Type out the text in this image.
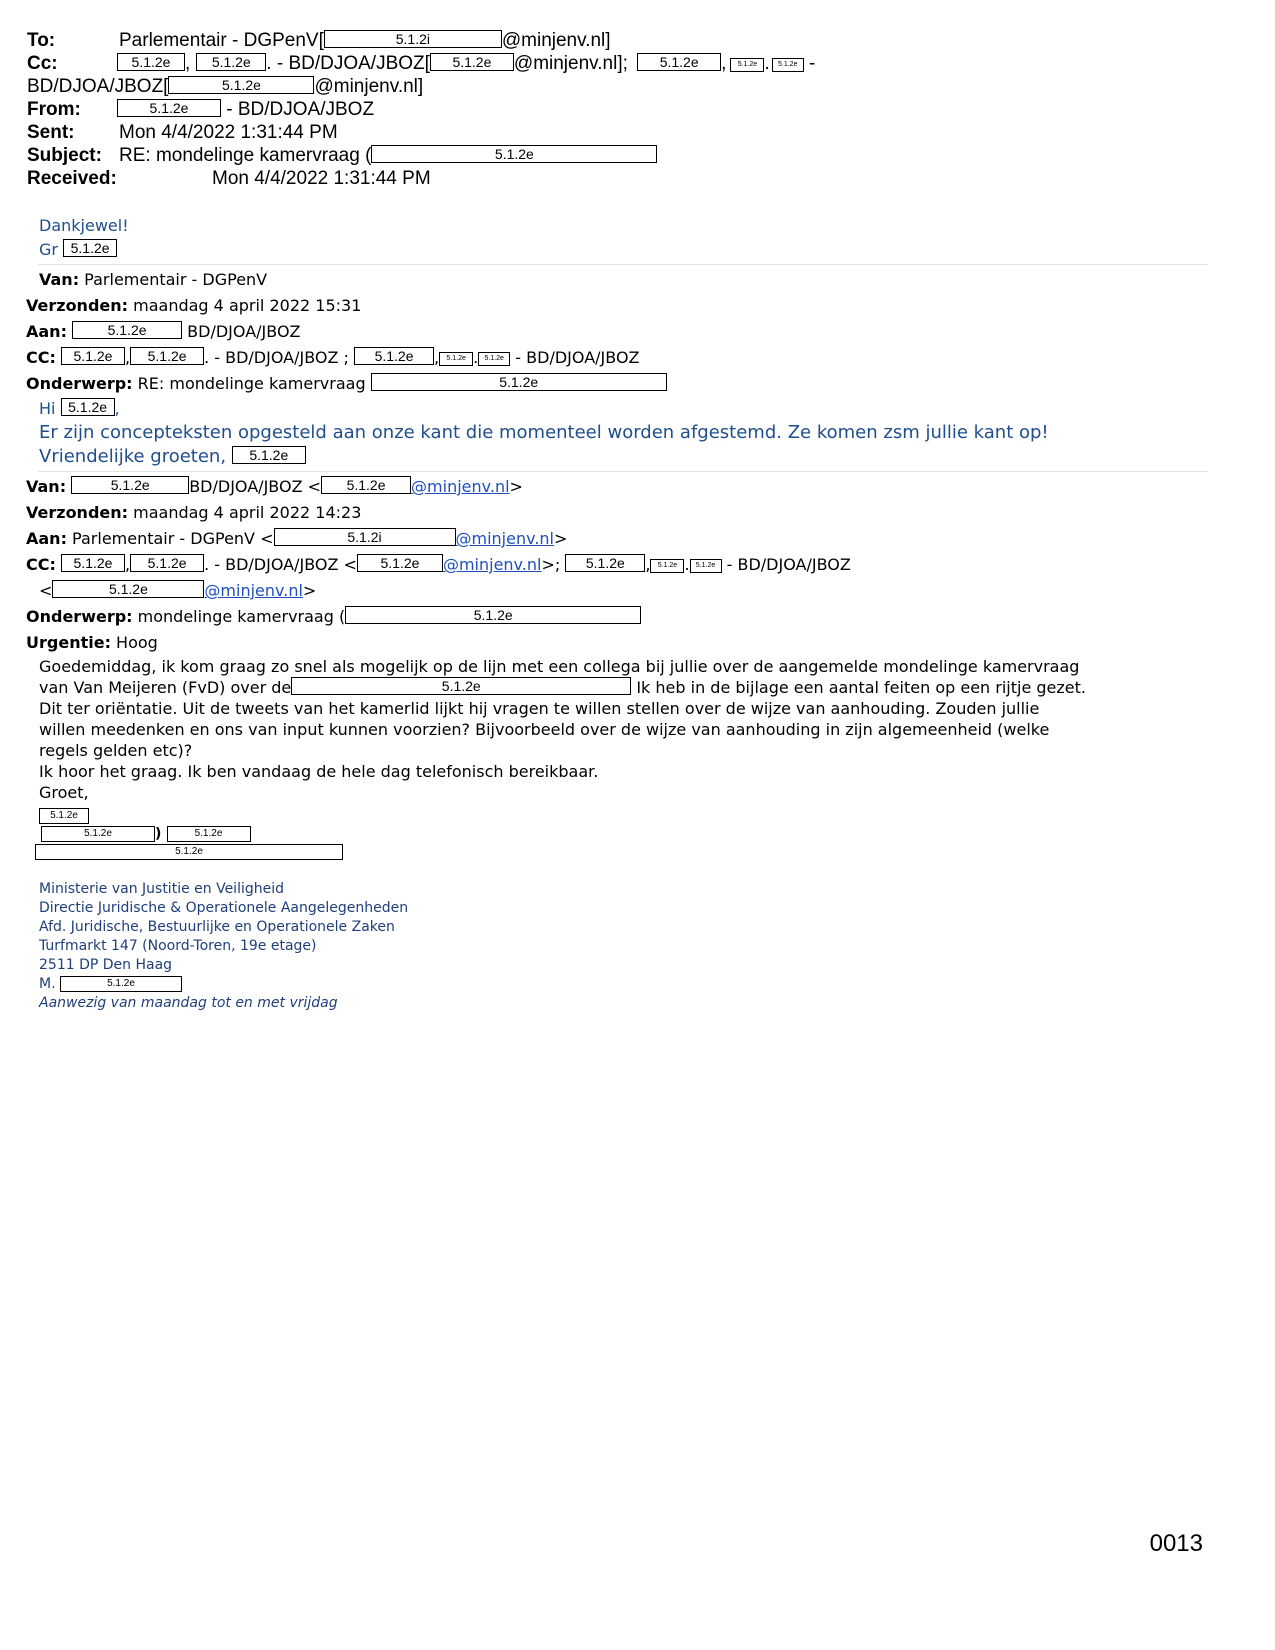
To:	Parlementair - DGPenV[	5.1.2i	@minjenv.nl]
Cc:	5.1.2e , 5.1.2e . - BD/DJOA/JBOZ[ 5.1.2e @minjenv.nl]; 5.1.2e , 5.1.2e . 5.1.2e -
BD/DJOA/JBOZ[	5.1.2e	@minjenv.nl]
From:	5.1.2e - BD/DJOA/JBOZ
Sent: Mon 4/4/2022 1:31:44 PM
Subject: RE: mondelinge kamervraag (	5.1.2e
Received:	Mon 4/4/2022 1:31:44 PM
Dankjewel!
Gr 5.1.2e
Van: Parlementair - DGPenV
Verzonden: maandag 4 april 2022 15:31
Aan:	5.1.2e BD/DJOA/JBOZ
CC: 5.1.2e , 5.1.2e . - BD/DJOA/JBOZ ; 5.1.2e , 5.1.2e . 5.1.2e - BD/DJOA/JBOZ
Onderwerp: RE: mondelinge kamervraag	5.1.2e
Hi 5.1.2e ,
Er zijn concepteksten opgesteld aan onze kant die momenteel worden afgestemd. Ze komen zsm jullie kant op!
Vriendelijke groeten, 5.1.2e
Van:	5.1.2e BD/DJOA/JBOZ < 5.1.2e @minjenv.nl>
Verzonden: maandag 4 april 2022 14:23
Aan: Parlementair - DGPenV <	5.1.2i	@minjenv.nl>
CC: 5.1.2e , 5.1.2e . - BD/DJOA/JBOZ < 5.1.2e @minjenv.nl>; 5.1.2e , 5.1.2e . 5.1.2e - BD/DJOA/JBOZ
<	5.1.2e	@minjenv.nl>
Onderwerp: mondelinge kamervraag (	5.1.2e
Urgentie: Hoog
Goedemiddag, ik kom graag zo snel als mogelijk op de lijn met een collega bij jullie over de aangemelde mondelinge kamervraag
van Van Meijeren (FvD) over de	5.1.2e	Ik heb in de bijlage een aantal feiten op een rijtje gezet.
Dit ter oriëntatie. Uit de tweets van het kamerlid lijkt hij vragen te willen stellen over de wijze van aanhouding. Zouden jullie
willen meedenken en ons van input kunnen voorzien? Bijvoorbeeld over de wijze van aanhouding in zijn algemeenheid (welke
regels gelden etc)?
Ik hoor het graag. Ik ben vandaag de hele dag telefonisch bereikbaar.
Groet,
5.1.2e
5.1.2e	)	5.1.2e
5.1.2e
Ministerie van Justitie en Veiligheid
Directie Juridische & Operationele Aangelegenheden
Afd. Juridische, Bestuurlijke en Operationele Zaken
Turfmarkt 147 (Noord-Toren, 19e etage)
2511 DP Den Haag
M.	5.1.2e
Aanwezig van maandag tot en met vrijdag
0013
